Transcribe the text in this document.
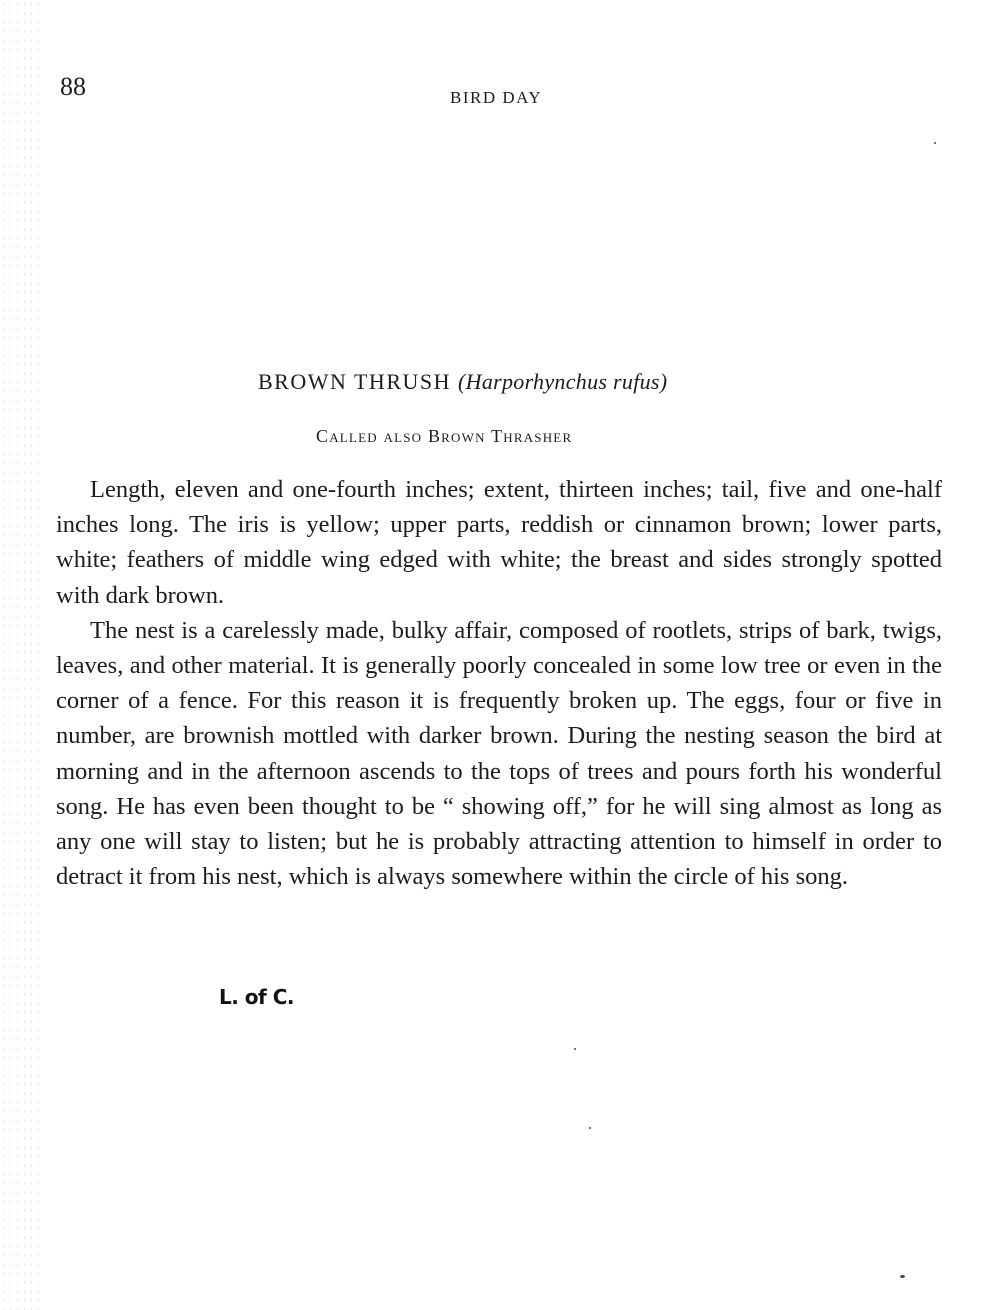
88	BIRD DAY
BROWN THRUSH (Harporhynchus rufus)
Called also Brown Thrasher

Length, eleven and one-fourth inches; extent, thirteen inches; tail, five and one-half inches long. The iris is yellow; upper parts, reddish or cinnamon brown; lower parts, white; feathers of middle wing edged with white; the breast and sides strongly spotted with dark brown.

The nest is a carelessly made, bulky affair, composed of rootlets, strips of bark, twigs, leaves, and other material. It is generally poorly concealed in some low tree or even in the corner of a fence. For this reason it is frequently broken up. The eggs, four or five in number, are brownish mottled with darker brown. During the nesting season the bird at morning and in the afternoon ascends to the tops of trees and pours forth his wonderful song. He has even been thought to be “ showing off,” for he will sing almost as long as any one will stay to listen; but he is probably attracting attention to himself in order to detract it from his nest, which is always somewhere within the circle of his song.

L. of C.
